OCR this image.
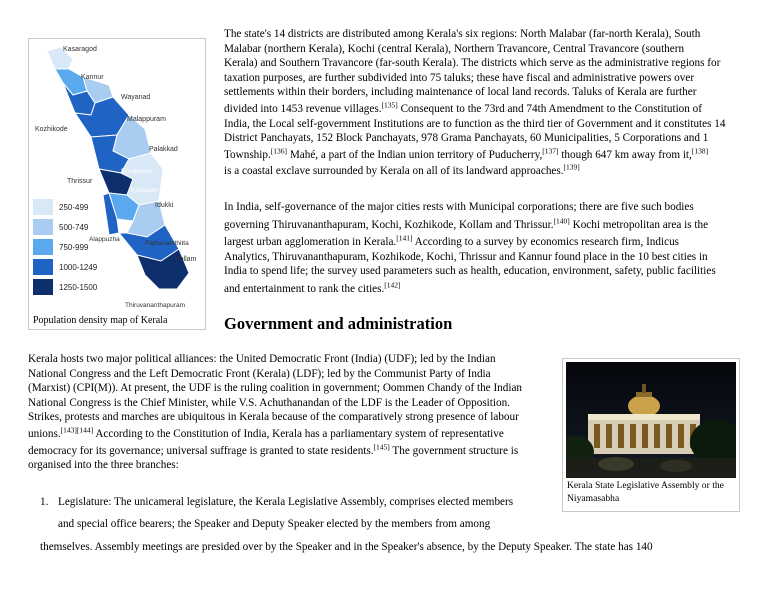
Kasaragod
Kannur
Wayanad
Kozhikode
Malappuram
Palakkad
Thrissur
Ernakulam
Idukki
Kottayam
Alappuzha
Pathanamthitta
Kollam
Thiruvananthapuram
250-499
500-749
750-999
1000-1249
1250-1500
Population density map of Kerala
The state's 14 districts are distributed among Kerala's six regions: North Malabar (far-north Kerala), South
Malabar (northern Kerala), Kochi (central Kerala), Northern Travancore, Central Travancore (southern
Kerala) and Southern Travancore (far-south Kerala). The districts which serve as the administrative regions for
taxation purposes, are further subdivided into 75 taluks; these have fiscal and administrative powers over
settlements within their borders, including maintenance of local land records. Taluks of Kerala are further
divided into 1453 revenue villages.[135] Consequent to the 73rd and 74th Amendment to the Constitution of
India, the Local self-government Institutions are to function as the third tier of Government and it constitutes 14
District Panchayats, 152 Block Panchayats, 978 Grama Panchayats, 60 Municipalities, 5 Corporations and 1
Township.[136] Mahé, a part of the Indian union territory of Puducherry,[137] though 647 km away from it,[138]
is a coastal exclave surrounded by Kerala on all of its landward approaches.[139]
In India, self-governance of the major cities rests with Municipal corporations; there are five such bodies
governing Thiruvananthapuram, Kochi, Kozhikode, Kollam and Thrissur.[140] Kochi metropolitan area is the
largest urban agglomeration in Kerala.[141] According to a survey by economics research firm, Indicus
Analytics, Thiruvananthapuram, Kozhikode, Kochi, Thrissur and Kannur found place in the 10 best cities in
India to spend life; the survey used parameters such as health, education, environment, safety, public facilities
and entertainment to rank the cities.[142]
Government and administration
Kerala hosts two major political alliances: the United Democratic Front (India) (UDF); led by the Indian
National Congress and the Left Democratic Front (Kerala) (LDF); led by the Communist Party of India
(Marxist) (CPI(M)). At present, the UDF is the ruling coalition in government; Oommen Chandy of the Indian
National Congress is the Chief Minister, while V.S. Achuthanandan of the LDF is the Leader of Opposition.
Strikes, protests and marches are ubiquitous in Kerala because of the comparatively strong presence of labour
unions.[143][144] According to the Constitution of India, Kerala has a parliamentary system of representative
democracy for its governance; universal suffrage is granted to state residents.[145] The government structure is
organised into the three branches:
Kerala State Legislative Assembly or the Niyamasabha
1. Legislature: The unicameral legislature, the Kerala Legislative Assembly, comprises elected members
and special office bearers; the Speaker and Deputy Speaker elected by the members from among
themselves. Assembly meetings are presided over by the Speaker and in the Speaker's absence, by the Deputy Speaker. The state has 140
